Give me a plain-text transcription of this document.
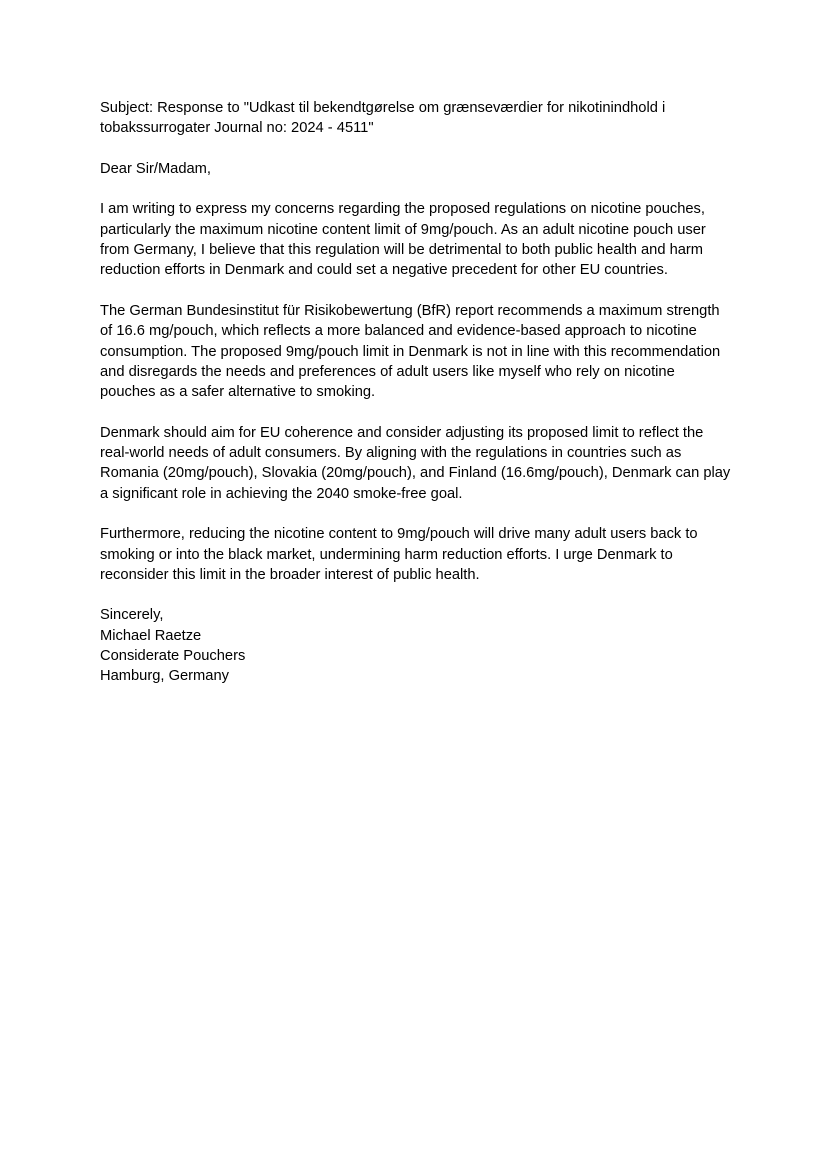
Subject: Response to "Udkast til bekendtgørelse om grænseværdier for nikotinindhold i tobakssurrogater Journal no: 2024 - 4511"

Dear Sir/Madam,

I am writing to express my concerns regarding the proposed regulations on nicotine pouches, particularly the maximum nicotine content limit of 9mg/pouch. As an adult nicotine pouch user from Germany, I believe that this regulation will be detrimental to both public health and harm reduction efforts in Denmark and could set a negative precedent for other EU countries.

The German Bundesinstitut für Risikobewertung (BfR) report recommends a maximum strength of 16.6 mg/pouch, which reflects a more balanced and evidence-based approach to nicotine consumption. The proposed 9mg/pouch limit in Denmark is not in line with this recommendation and disregards the needs and preferences of adult users like myself who rely on nicotine pouches as a safer alternative to smoking.

Denmark should aim for EU coherence and consider adjusting its proposed limit to reflect the real-world needs of adult consumers. By aligning with the regulations in countries such as Romania (20mg/pouch), Slovakia (20mg/pouch), and Finland (16.6mg/pouch), Denmark can play a significant role in achieving the 2040 smoke-free goal.

Furthermore, reducing the nicotine content to 9mg/pouch will drive many adult users back to smoking or into the black market, undermining harm reduction efforts. I urge Denmark to reconsider this limit in the broader interest of public health.

Sincerely,
Michael Raetze
Considerate Pouchers
Hamburg, Germany
